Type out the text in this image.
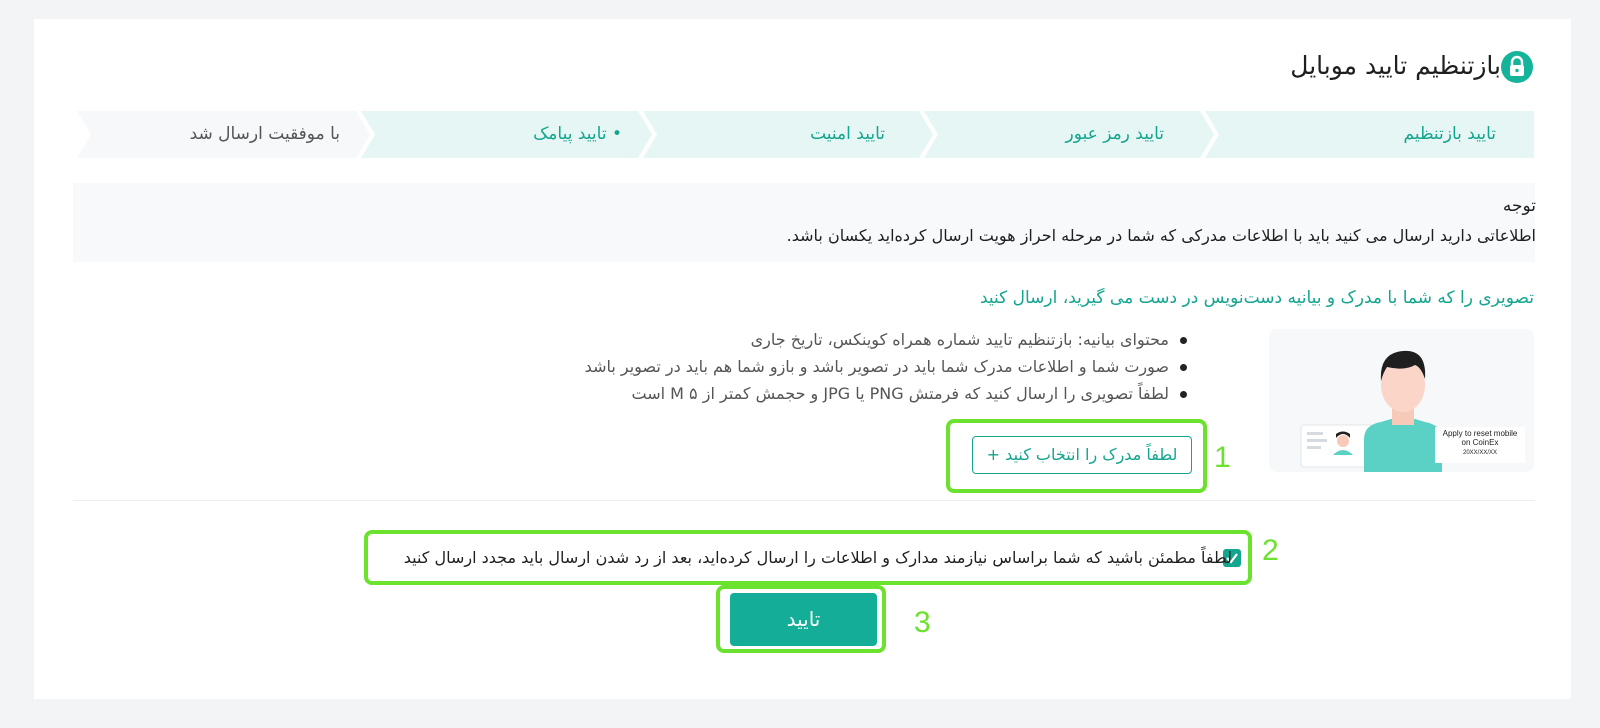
بازتنظیم تایید موبایل
تایید بازتنظیم
تایید رمز عبور
تایید امنیت
• تایید پیامک
با موفقیت ارسال شد
توجه
اطلاعاتی دارید ارسال می کنید باید با اطلاعات مدرکی که شما در مرحله احراز هویت ارسال کرده‌اید یکسان باشد.
تصویری را که شما با مدرک و بیانیه دست‌نویس در دست می گیرید، ارسال کنید
محتوای بیانیه: بازتنظیم تایید شماره همراه کوینکس، تاریخ جاری
صورت شما و اطلاعات مدرک شما باید در تصویر باشد و بازو شما هم باید در تصویر باشد
لطفاً تصویری را ارسال کنید که فرمتش PNG یا JPG و حجمش کمتر از ۵ M است
Apply to reset mobile
on CoinEx
20XX/XX/XX
لطفاً مدرک را انتخاب کنید +	1
لطفاً مطمئن باشید که شما براساس نیازمند مدارک و اطلاعات را ارسال کرده‌اید، بعد از رد شدن ارسال باید مجدد ارسال کنید 2
تایید	3
